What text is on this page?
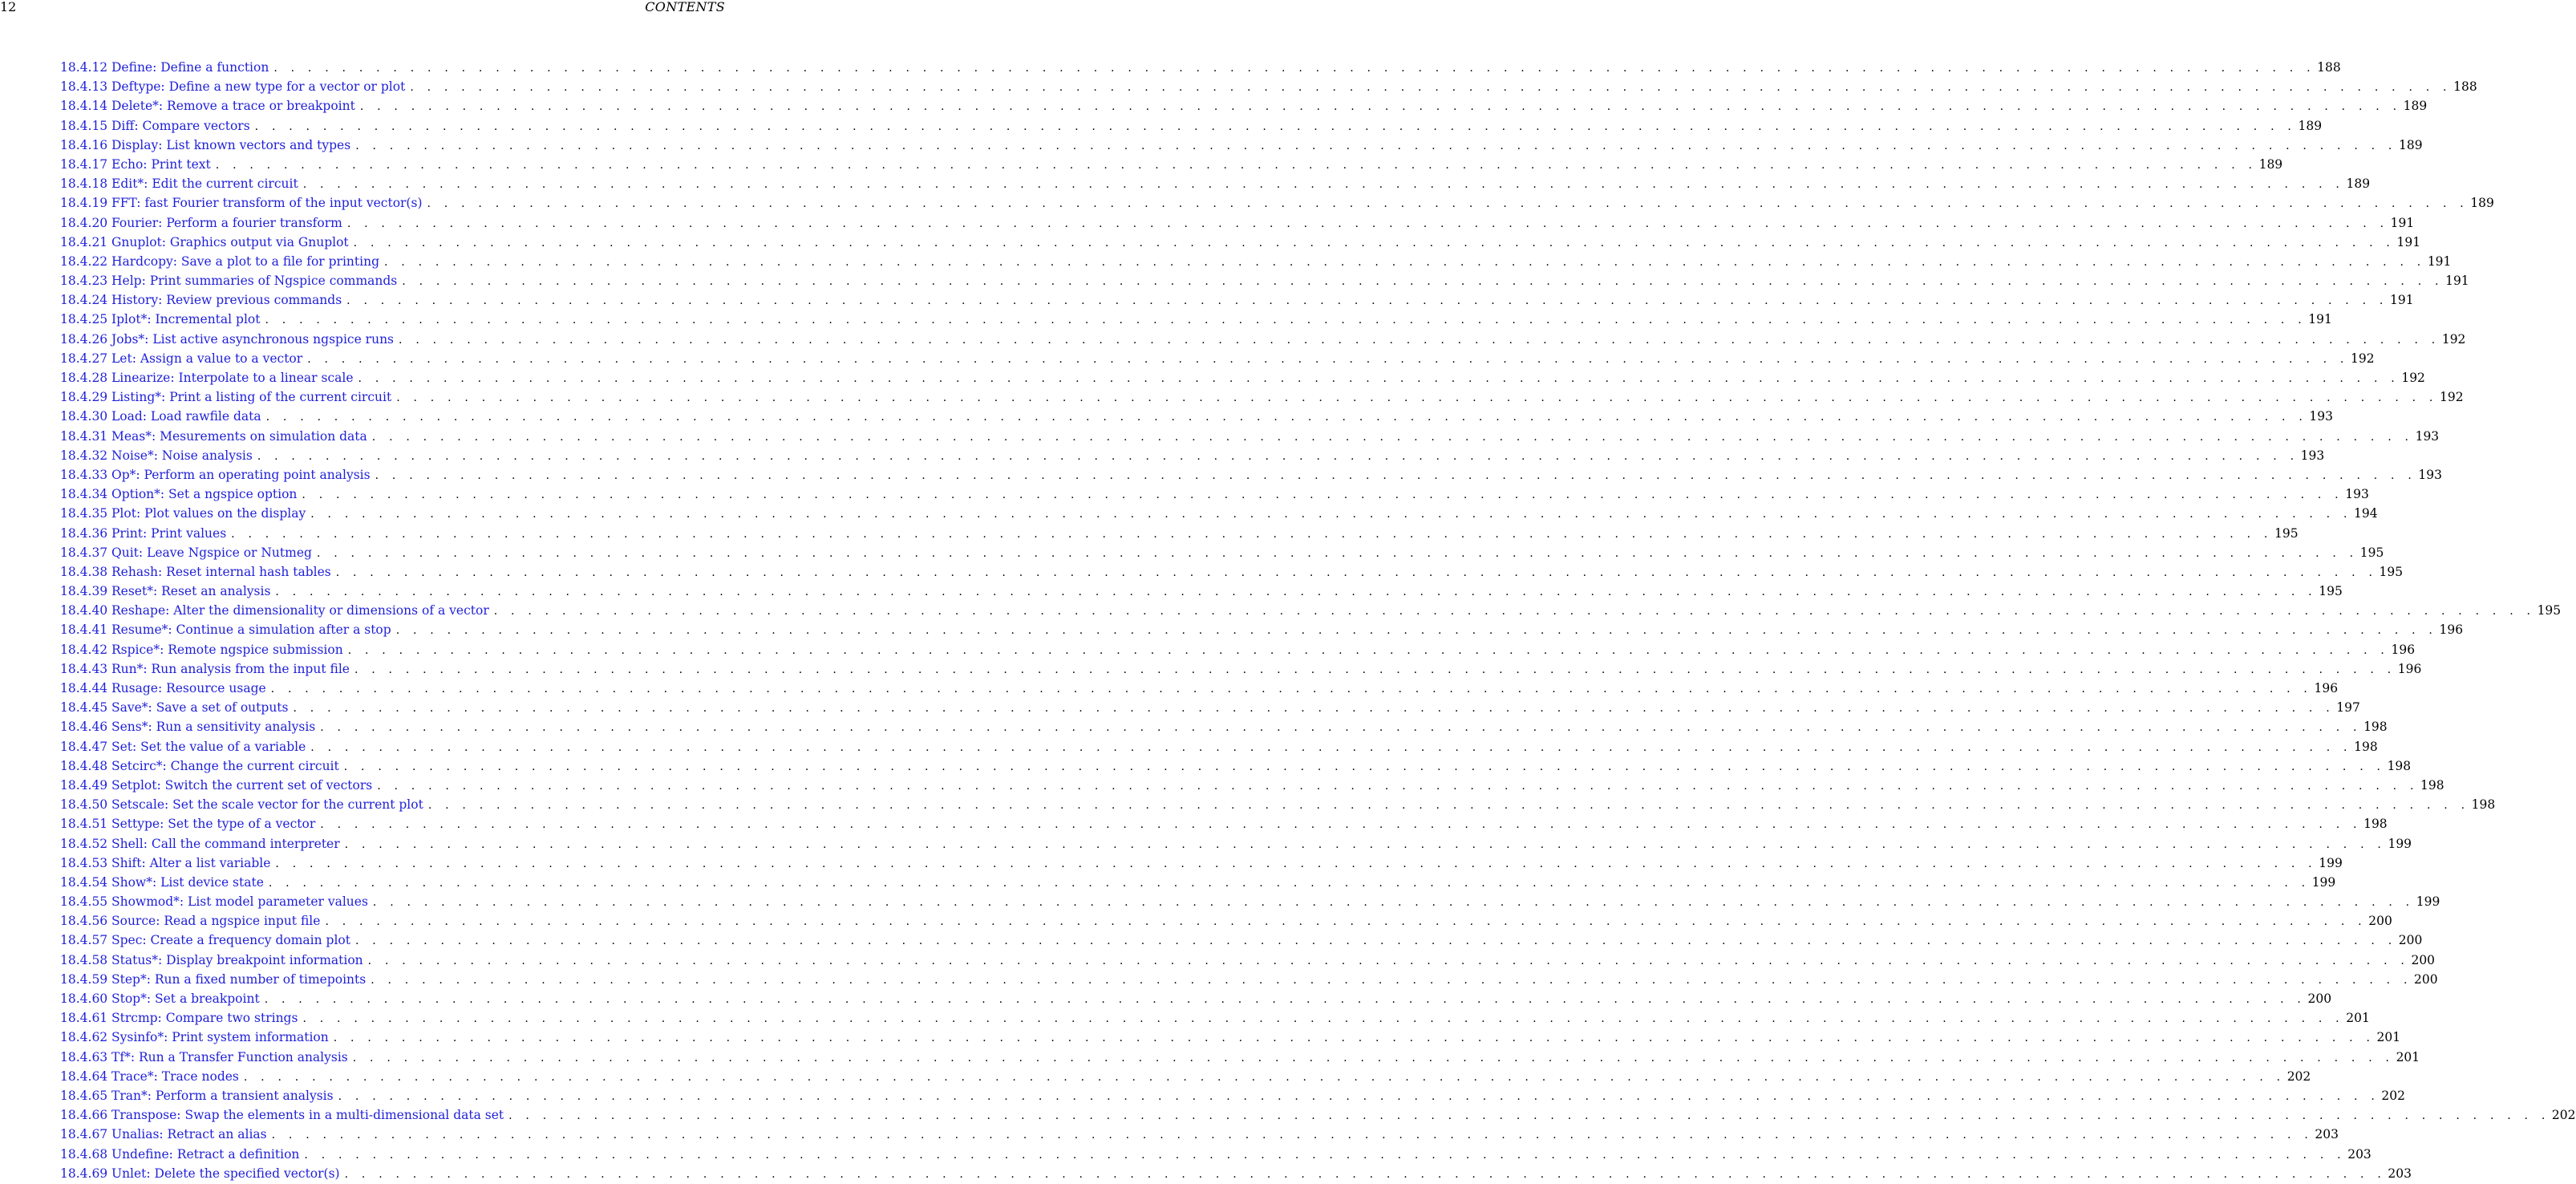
12	CONTENTS
18.4.12 Define: Define a function . . . . . . . . . . . . . . . . . . . . . . . . . . . . . . . . . . . . . . . . . . . . . . . . . . . . . . . . . . . . . . . . . . . . . . . . . . . . . . . . . . . . . . . . . . . . . . . . . . . . . . . . . . . . . . . . . . . . . . . . 188
18.4.13 Deftype: Define a new type for a vector or plot . . . . . . . . . . . . . . . . . . . . . . . . . . . . . . . . . . . . . . . . . . . . . . . . . . . . . . . . . . . . . . . . . . . . . . . . . . . . . . . . . . . . . . . . . . . . . . . . . . . . . . . . . . . . . . . . . . . . . . . . 188
18.4.14 Delete*: Remove a trace or breakpoint . . . . . . . . . . . . . . . . . . . . . . . . . . . . . . . . . . . . . . . . . . . . . . . . . . . . . . . . . . . . . . . . . . . . . . . . . . . . . . . . . . . . . . . . . . . . . . . . . . . . . . . . . . . . . . . . . . . . . . . . 189
18.4.15 Diff: Compare vectors . . . . . . . . . . . . . . . . . . . . . . . . . . . . . . . . . . . . . . . . . . . . . . . . . . . . . . . . . . . . . . . . . . . . . . . . . . . . . . . . . . . . . . . . . . . . . . . . . . . . . . . . . . . . . . . . . . . . . . . . 189
18.4.16 Display: List known vectors and types . . . . . . . . . . . . . . . . . . . . . . . . . . . . . . . . . . . . . . . . . . . . . . . . . . . . . . . . . . . . . . . . . . . . . . . . . . . . . . . . . . . . . . . . . . . . . . . . . . . . . . . . . . . . . . . . . . . . . . . . 189
18.4.17 Echo: Print text . . . . . . . . . . . . . . . . . . . . . . . . . . . . . . . . . . . . . . . . . . . . . . . . . . . . . . . . . . . . . . . . . . . . . . . . . . . . . . . . . . . . . . . . . . . . . . . . . . . . . . . . . . . . . . . . . . . . . . . . 189
18.4.18 Edit*: Edit the current circuit . . . . . . . . . . . . . . . . . . . . . . . . . . . . . . . . . . . . . . . . . . . . . . . . . . . . . . . . . . . . . . . . . . . . . . . . . . . . . . . . . . . . . . . . . . . . . . . . . . . . . . . . . . . . . . . . . . . . . . . . 189
18.4.19 FFT: fast Fourier transform of the input vector(s) . . . . . . . . . . . . . . . . . . . . . . . . . . . . . . . . . . . . . . . . . . . . . . . . . . . . . . . . . . . . . . . . . . . . . . . . . . . . . . . . . . . . . . . . . . . . . . . . . . . . . . . . . . . . . . . . . . . . . . . . 189
18.4.20 Fourier: Perform a fourier transform . . . . . . . . . . . . . . . . . . . . . . . . . . . . . . . . . . . . . . . . . . . . . . . . . . . . . . . . . . . . . . . . . . . . . . . . . . . . . . . . . . . . . . . . . . . . . . . . . . . . . . . . . . . . . . . . . . . . . . . . 191
18.4.21 Gnuplot: Graphics output via Gnuplot . . . . . . . . . . . . . . . . . . . . . . . . . . . . . . . . . . . . . . . . . . . . . . . . . . . . . . . . . . . . . . . . . . . . . . . . . . . . . . . . . . . . . . . . . . . . . . . . . . . . . . . . . . . . . . . . . . . . . . . . 191
18.4.22 Hardcopy: Save a plot to a file for printing . . . . . . . . . . . . . . . . . . . . . . . . . . . . . . . . . . . . . . . . . . . . . . . . . . . . . . . . . . . . . . . . . . . . . . . . . . . . . . . . . . . . . . . . . . . . . . . . . . . . . . . . . . . . . . . . . . . . . . . . 191
18.4.23 Help: Print summaries of Ngspice commands . . . . . . . . . . . . . . . . . . . . . . . . . . . . . . . . . . . . . . . . . . . . . . . . . . . . . . . . . . . . . . . . . . . . . . . . . . . . . . . . . . . . . . . . . . . . . . . . . . . . . . . . . . . . . . . . . . . . . . . . 191
18.4.24 History: Review previous commands . . . . . . . . . . . . . . . . . . . . . . . . . . . . . . . . . . . . . . . . . . . . . . . . . . . . . . . . . . . . . . . . . . . . . . . . . . . . . . . . . . . . . . . . . . . . . . . . . . . . . . . . . . . . . . . . . . . . . . . . 191
18.4.25 Iplot*: Incremental plot . . . . . . . . . . . . . . . . . . . . . . . . . . . . . . . . . . . . . . . . . . . . . . . . . . . . . . . . . . . . . . . . . . . . . . . . . . . . . . . . . . . . . . . . . . . . . . . . . . . . . . . . . . . . . . . . . . . . . . . . 191
18.4.26 Jobs*: List active asynchronous ngspice runs . . . . . . . . . . . . . . . . . . . . . . . . . . . . . . . . . . . . . . . . . . . . . . . . . . . . . . . . . . . . . . . . . . . . . . . . . . . . . . . . . . . . . . . . . . . . . . . . . . . . . . . . . . . . . . . . . . . . . . . . 192
18.4.27 Let: Assign a value to a vector . . . . . . . . . . . . . . . . . . . . . . . . . . . . . . . . . . . . . . . . . . . . . . . . . . . . . . . . . . . . . . . . . . . . . . . . . . . . . . . . . . . . . . . . . . . . . . . . . . . . . . . . . . . . . . . . . . . . . . . . 192
18.4.28 Linearize: Interpolate to a linear scale . . . . . . . . . . . . . . . . . . . . . . . . . . . . . . . . . . . . . . . . . . . . . . . . . . . . . . . . . . . . . . . . . . . . . . . . . . . . . . . . . . . . . . . . . . . . . . . . . . . . . . . . . . . . . . . . . . . . . . . . 192
18.4.29 Listing*: Print a listing of the current circuit . . . . . . . . . . . . . . . . . . . . . . . . . . . . . . . . . . . . . . . . . . . . . . . . . . . . . . . . . . . . . . . . . . . . . . . . . . . . . . . . . . . . . . . . . . . . . . . . . . . . . . . . . . . . . . . . . . . . . . . . 192
18.4.30 Load: Load rawfile data . . . . . . . . . . . . . . . . . . . . . . . . . . . . . . . . . . . . . . . . . . . . . . . . . . . . . . . . . . . . . . . . . . . . . . . . . . . . . . . . . . . . . . . . . . . . . . . . . . . . . . . . . . . . . . . . . . . . . . . . 193
18.4.31 Meas*: Mesurements on simulation data . . . . . . . . . . . . . . . . . . . . . . . . . . . . . . . . . . . . . . . . . . . . . . . . . . . . . . . . . . . . . . . . . . . . . . . . . . . . . . . . . . . . . . . . . . . . . . . . . . . . . . . . . . . . . . . . . . . . . . . . 193
18.4.32 Noise*: Noise analysis . . . . . . . . . . . . . . . . . . . . . . . . . . . . . . . . . . . . . . . . . . . . . . . . . . . . . . . . . . . . . . . . . . . . . . . . . . . . . . . . . . . . . . . . . . . . . . . . . . . . . . . . . . . . . . . . . . . . . . . . 193
18.4.33 Op*: Perform an operating point analysis . . . . . . . . . . . . . . . . . . . . . . . . . . . . . . . . . . . . . . . . . . . . . . . . . . . . . . . . . . . . . . . . . . . . . . . . . . . . . . . . . . . . . . . . . . . . . . . . . . . . . . . . . . . . . . . . . . . . . . . . 193
18.4.34 Option*: Set a ngspice option . . . . . . . . . . . . . . . . . . . . . . . . . . . . . . . . . . . . . . . . . . . . . . . . . . . . . . . . . . . . . . . . . . . . . . . . . . . . . . . . . . . . . . . . . . . . . . . . . . . . . . . . . . . . . . . . . . . . . . . . 193
18.4.35 Plot: Plot values on the display . . . . . . . . . . . . . . . . . . . . . . . . . . . . . . . . . . . . . . . . . . . . . . . . . . . . . . . . . . . . . . . . . . . . . . . . . . . . . . . . . . . . . . . . . . . . . . . . . . . . . . . . . . . . . . . . . . . . . . . . 194
18.4.36 Print: Print values . . . . . . . . . . . . . . . . . . . . . . . . . . . . . . . . . . . . . . . . . . . . . . . . . . . . . . . . . . . . . . . . . . . . . . . . . . . . . . . . . . . . . . . . . . . . . . . . . . . . . . . . . . . . . . . . . . . . . . . . 195
18.4.37 Quit: Leave Ngspice or Nutmeg . . . . . . . . . . . . . . . . . . . . . . . . . . . . . . . . . . . . . . . . . . . . . . . . . . . . . . . . . . . . . . . . . . . . . . . . . . . . . . . . . . . . . . . . . . . . . . . . . . . . . . . . . . . . . . . . . . . . . . . . 195
18.4.38 Rehash: Reset internal hash tables . . . . . . . . . . . . . . . . . . . . . . . . . . . . . . . . . . . . . . . . . . . . . . . . . . . . . . . . . . . . . . . . . . . . . . . . . . . . . . . . . . . . . . . . . . . . . . . . . . . . . . . . . . . . . . . . . . . . . . . . 195
18.4.39 Reset*: Reset an analysis . . . . . . . . . . . . . . . . . . . . . . . . . . . . . . . . . . . . . . . . . . . . . . . . . . . . . . . . . . . . . . . . . . . . . . . . . . . . . . . . . . . . . . . . . . . . . . . . . . . . . . . . . . . . . . . . . . . . . . . . 195
18.4.40 Reshape: Alter the dimensionality or dimensions of a vector . . . . . . . . . . . . . . . . . . . . . . . . . . . . . . . . . . . . . . . . . . . . . . . . . . . . . . . . . . . . . . . . . . . . . . . . . . . . . . . . . . . . . . . . . . . . . . . . . . . . . . . . . . . . . . . . . . . . . . . . 195
18.4.41 Resume*: Continue a simulation after a stop . . . . . . . . . . . . . . . . . . . . . . . . . . . . . . . . . . . . . . . . . . . . . . . . . . . . . . . . . . . . . . . . . . . . . . . . . . . . . . . . . . . . . . . . . . . . . . . . . . . . . . . . . . . . . . . . . . . . . . . . 196
18.4.42 Rspice*: Remote ngspice submission . . . . . . . . . . . . . . . . . . . . . . . . . . . . . . . . . . . . . . . . . . . . . . . . . . . . . . . . . . . . . . . . . . . . . . . . . . . . . . . . . . . . . . . . . . . . . . . . . . . . . . . . . . . . . . . . . . . . . . . . 196
18.4.43 Run*: Run analysis from the input file . . . . . . . . . . . . . . . . . . . . . . . . . . . . . . . . . . . . . . . . . . . . . . . . . . . . . . . . . . . . . . . . . . . . . . . . . . . . . . . . . . . . . . . . . . . . . . . . . . . . . . . . . . . . . . . . . . . . . . . . 196
18.4.44 Rusage: Resource usage . . . . . . . . . . . . . . . . . . . . . . . . . . . . . . . . . . . . . . . . . . . . . . . . . . . . . . . . . . . . . . . . . . . . . . . . . . . . . . . . . . . . . . . . . . . . . . . . . . . . . . . . . . . . . . . . . . . . . . . . 196
18.4.45 Save*: Save a set of outputs . . . . . . . . . . . . . . . . . . . . . . . . . . . . . . . . . . . . . . . . . . . . . . . . . . . . . . . . . . . . . . . . . . . . . . . . . . . . . . . . . . . . . . . . . . . . . . . . . . . . . . . . . . . . . . . . . . . . . . . . 197
18.4.46 Sens*: Run a sensitivity analysis . . . . . . . . . . . . . . . . . . . . . . . . . . . . . . . . . . . . . . . . . . . . . . . . . . . . . . . . . . . . . . . . . . . . . . . . . . . . . . . . . . . . . . . . . . . . . . . . . . . . . . . . . . . . . . . . . . . . . . . . 198
18.4.47 Set: Set the value of a variable . . . . . . . . . . . . . . . . . . . . . . . . . . . . . . . . . . . . . . . . . . . . . . . . . . . . . . . . . . . . . . . . . . . . . . . . . . . . . . . . . . . . . . . . . . . . . . . . . . . . . . . . . . . . . . . . . . . . . . . . 198
18.4.48 Setcirc*: Change the current circuit . . . . . . . . . . . . . . . . . . . . . . . . . . . . . . . . . . . . . . . . . . . . . . . . . . . . . . . . . . . . . . . . . . . . . . . . . . . . . . . . . . . . . . . . . . . . . . . . . . . . . . . . . . . . . . . . . . . . . . . . 198
18.4.49 Setplot: Switch the current set of vectors . . . . . . . . . . . . . . . . . . . . . . . . . . . . . . . . . . . . . . . . . . . . . . . . . . . . . . . . . . . . . . . . . . . . . . . . . . . . . . . . . . . . . . . . . . . . . . . . . . . . . . . . . . . . . . . . . . . . . . . . 198
18.4.50 Setscale: Set the scale vector for the current plot . . . . . . . . . . . . . . . . . . . . . . . . . . . . . . . . . . . . . . . . . . . . . . . . . . . . . . . . . . . . . . . . . . . . . . . . . . . . . . . . . . . . . . . . . . . . . . . . . . . . . . . . . . . . . . . . . . . . . . . . 198
18.4.51 Settype: Set the type of a vector . . . . . . . . . . . . . . . . . . . . . . . . . . . . . . . . . . . . . . . . . . . . . . . . . . . . . . . . . . . . . . . . . . . . . . . . . . . . . . . . . . . . . . . . . . . . . . . . . . . . . . . . . . . . . . . . . . . . . . . . 198
18.4.52 Shell: Call the command interpreter . . . . . . . . . . . . . . . . . . . . . . . . . . . . . . . . . . . . . . . . . . . . . . . . . . . . . . . . . . . . . . . . . . . . . . . . . . . . . . . . . . . . . . . . . . . . . . . . . . . . . . . . . . . . . . . . . . . . . . . . 199
18.4.53 Shift: Alter a list variable . . . . . . . . . . . . . . . . . . . . . . . . . . . . . . . . . . . . . . . . . . . . . . . . . . . . . . . . . . . . . . . . . . . . . . . . . . . . . . . . . . . . . . . . . . . . . . . . . . . . . . . . . . . . . . . . . . . . . . . . 199
18.4.54 Show*: List device state . . . . . . . . . . . . . . . . . . . . . . . . . . . . . . . . . . . . . . . . . . . . . . . . . . . . . . . . . . . . . . . . . . . . . . . . . . . . . . . . . . . . . . . . . . . . . . . . . . . . . . . . . . . . . . . . . . . . . . . . 199
18.4.55 Showmod*: List model parameter values . . . . . . . . . . . . . . . . . . . . . . . . . . . . . . . . . . . . . . . . . . . . . . . . . . . . . . . . . . . . . . . . . . . . . . . . . . . . . . . . . . . . . . . . . . . . . . . . . . . . . . . . . . . . . . . . . . . . . . . . 199
18.4.56 Source: Read a ngspice input file . . . . . . . . . . . . . . . . . . . . . . . . . . . . . . . . . . . . . . . . . . . . . . . . . . . . . . . . . . . . . . . . . . . . . . . . . . . . . . . . . . . . . . . . . . . . . . . . . . . . . . . . . . . . . . . . . . . . . . . . 200
18.4.57 Spec: Create a frequency domain plot . . . . . . . . . . . . . . . . . . . . . . . . . . . . . . . . . . . . . . . . . . . . . . . . . . . . . . . . . . . . . . . . . . . . . . . . . . . . . . . . . . . . . . . . . . . . . . . . . . . . . . . . . . . . . . . . . . . . . . . . 200
18.4.58 Status*: Display breakpoint information . . . . . . . . . . . . . . . . . . . . . . . . . . . . . . . . . . . . . . . . . . . . . . . . . . . . . . . . . . . . . . . . . . . . . . . . . . . . . . . . . . . . . . . . . . . . . . . . . . . . . . . . . . . . . . . . . . . . . . . . 200
18.4.59 Step*: Run a fixed number of timepoints . . . . . . . . . . . . . . . . . . . . . . . . . . . . . . . . . . . . . . . . . . . . . . . . . . . . . . . . . . . . . . . . . . . . . . . . . . . . . . . . . . . . . . . . . . . . . . . . . . . . . . . . . . . . . . . . . . . . . . . . 200
18.4.60 Stop*: Set a breakpoint . . . . . . . . . . . . . . . . . . . . . . . . . . . . . . . . . . . . . . . . . . . . . . . . . . . . . . . . . . . . . . . . . . . . . . . . . . . . . . . . . . . . . . . . . . . . . . . . . . . . . . . . . . . . . . . . . . . . . . . . 200
18.4.61 Strcmp: Compare two strings . . . . . . . . . . . . . . . . . . . . . . . . . . . . . . . . . . . . . . . . . . . . . . . . . . . . . . . . . . . . . . . . . . . . . . . . . . . . . . . . . . . . . . . . . . . . . . . . . . . . . . . . . . . . . . . . . . . . . . . . 201
18.4.62 Sysinfo*: Print system information . . . . . . . . . . . . . . . . . . . . . . . . . . . . . . . . . . . . . . . . . . . . . . . . . . . . . . . . . . . . . . . . . . . . . . . . . . . . . . . . . . . . . . . . . . . . . . . . . . . . . . . . . . . . . . . . . . . . . . . . 201
18.4.63 Tf*: Run a Transfer Function analysis . . . . . . . . . . . . . . . . . . . . . . . . . . . . . . . . . . . . . . . . . . . . . . . . . . . . . . . . . . . . . . . . . . . . . . . . . . . . . . . . . . . . . . . . . . . . . . . . . . . . . . . . . . . . . . . . . . . . . . . . 201
18.4.64 Trace*: Trace nodes . . . . . . . . . . . . . . . . . . . . . . . . . . . . . . . . . . . . . . . . . . . . . . . . . . . . . . . . . . . . . . . . . . . . . . . . . . . . . . . . . . . . . . . . . . . . . . . . . . . . . . . . . . . . . . . . . . . . . . . . 202
18.4.65 Tran*: Perform a transient analysis . . . . . . . . . . . . . . . . . . . . . . . . . . . . . . . . . . . . . . . . . . . . . . . . . . . . . . . . . . . . . . . . . . . . . . . . . . . . . . . . . . . . . . . . . . . . . . . . . . . . . . . . . . . . . . . . . . . . . . . . 202
18.4.66 Transpose: Swap the elements in a multi-dimensional data set . . . . . . . . . . . . . . . . . . . . . . . . . . . . . . . . . . . . . . . . . . . . . . . . . . . . . . . . . . . . . . . . . . . . . . . . . . . . . . . . . . . . . . . . . . . . . . . . . . . . . . . . . . . . . . . . . . . . . . . . 202
18.4.67 Unalias: Retract an alias . . . . . . . . . . . . . . . . . . . . . . . . . . . . . . . . . . . . . . . . . . . . . . . . . . . . . . . . . . . . . . . . . . . . . . . . . . . . . . . . . . . . . . . . . . . . . . . . . . . . . . . . . . . . . . . . . . . . . . . . 203
18.4.68 Undefine: Retract a definition . . . . . . . . . . . . . . . . . . . . . . . . . . . . . . . . . . . . . . . . . . . . . . . . . . . . . . . . . . . . . . . . . . . . . . . . . . . . . . . . . . . . . . . . . . . . . . . . . . . . . . . . . . . . . . . . . . . . . . . . 203
18.4.69 Unlet: Delete the specified vector(s) . . . . . . . . . . . . . . . . . . . . . . . . . . . . . . . . . . . . . . . . . . . . . . . . . . . . . . . . . . . . . . . . . . . . . . . . . . . . . . . . . . . . . . . . . . . . . . . . . . . . . . . . . . . . . . . . . . . . . . . . 203
